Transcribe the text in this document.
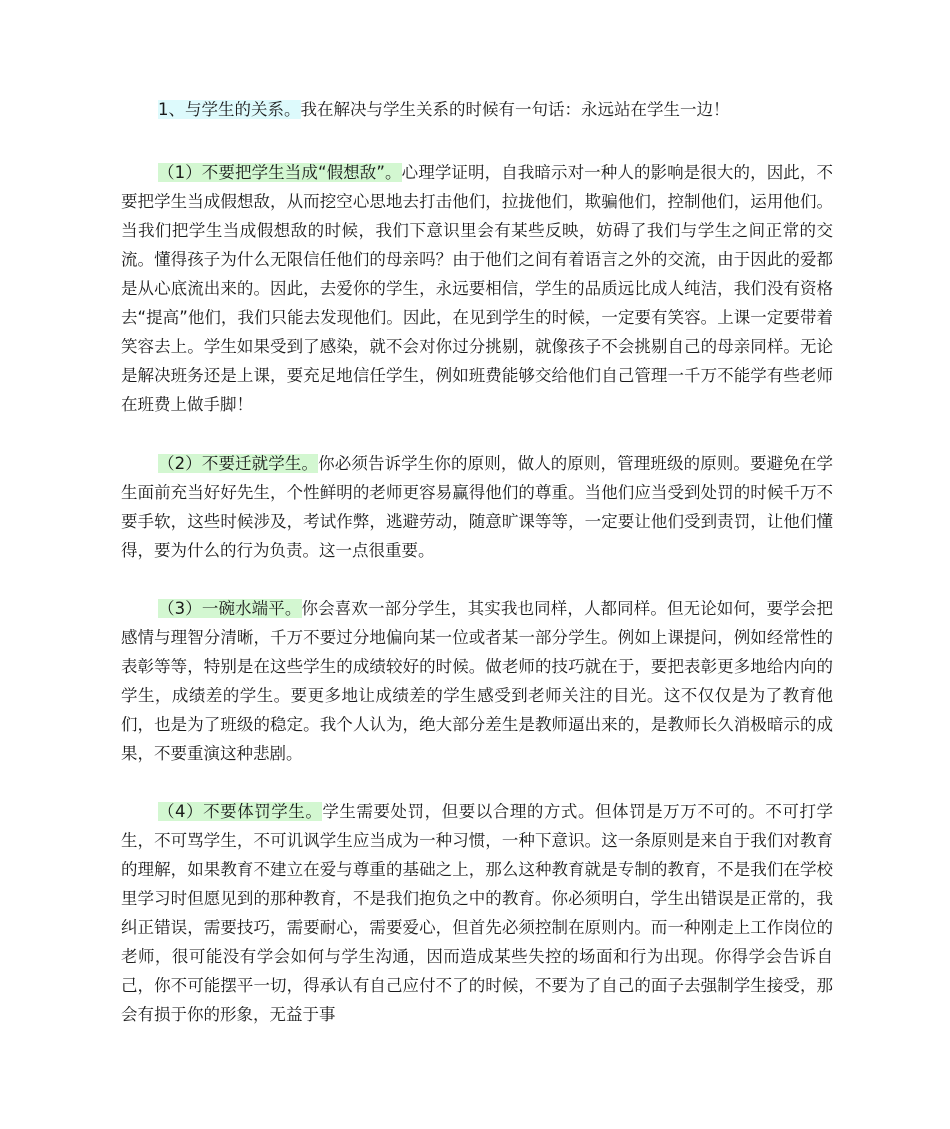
1、与学生的关系。我在解决与学生关系的时候有一句话：永远站在学生一边！

（1）不要把学生当成“假想敌”。心理学证明，自我暗示对一种人的影响是很大的，因此，不要把学生当成假想敌，从而挖空心思地去打击他们，拉拢他们，欺骗他们，控制他们，运用他们。当我们把学生当成假想敌的时候，我们下意识里会有某些反映，妨碍了我们与学生之间正常的交流。懂得孩子为什么无限信任他们的母亲吗？由于他们之间有着语言之外的交流，由于因此的爱都是从心底流出来的。因此，去爱你的学生，永远要相信，学生的品质远比成人纯洁，我们没有资格去“提高”他们，我们只能去发现他们。因此，在见到学生的时候，一定要有笑容。上课一定要带着笑容去上。学生如果受到了感染，就不会对你过分挑剔，就像孩子不会挑剔自己的母亲同样。无论是解决班务还是上课，要充足地信任学生，例如班费能够交给他们自己管理一千万不能学有些老师在班费上做手脚！

（2）不要迁就学生。你必须告诉学生你的原则，做人的原则，管理班级的原则。要避免在学生面前充当好好先生，个性鲜明的老师更容易赢得他们的尊重。当他们应当受到处罚的时候千万不要手软，这些时候涉及，考试作弊，逃避劳动，随意旷课等等，一定要让他们受到责罚，让他们懂得，要为什么的行为负责。这一点很重要。

（3）一碗水端平。你会喜欢一部分学生，其实我也同样，人都同样。但无论如何，要学会把感情与理智分清晰，千万不要过分地偏向某一位或者某一部分学生。例如上课提问，例如经常性的表彰等等，特别是在这些学生的成绩较好的时候。做老师的技巧就在于，要把表彰更多地给内向的学生，成绩差的学生。要更多地让成绩差的学生感受到老师关注的目光。这不仅仅是为了教育他们，也是为了班级的稳定。我个人认为，绝大部分差生是教师逼出来的，是教师长久消极暗示的成果，不要重演这种悲剧。

（4）不要体罚学生。学生需要处罚，但要以合理的方式。但体罚是万万不可的。不可打学生，不可骂学生，不可讥讽学生应当成为一种习惯，一种下意识。这一条原则是来自于我们对教育的理解，如果教育不建立在爱与尊重的基础之上，那么这种教育就是专制的教育，不是我们在学校里学习时但愿见到的那种教育，不是我们抱负之中的教育。你必须明白，学生出错误是正常的，我纠正错误，需要技巧，需要耐心，需要爱心，但首先必须控制在原则内。而一种刚走上工作岗位的老师，很可能没有学会如何与学生沟通，因而造成某些失控的场面和行为出现。你得学会告诉自己，你不可能摆平一切，得承认有自己应付不了的时候，不要为了自己的面子去强制学生接受，那会有损于你的形象，无益于事
